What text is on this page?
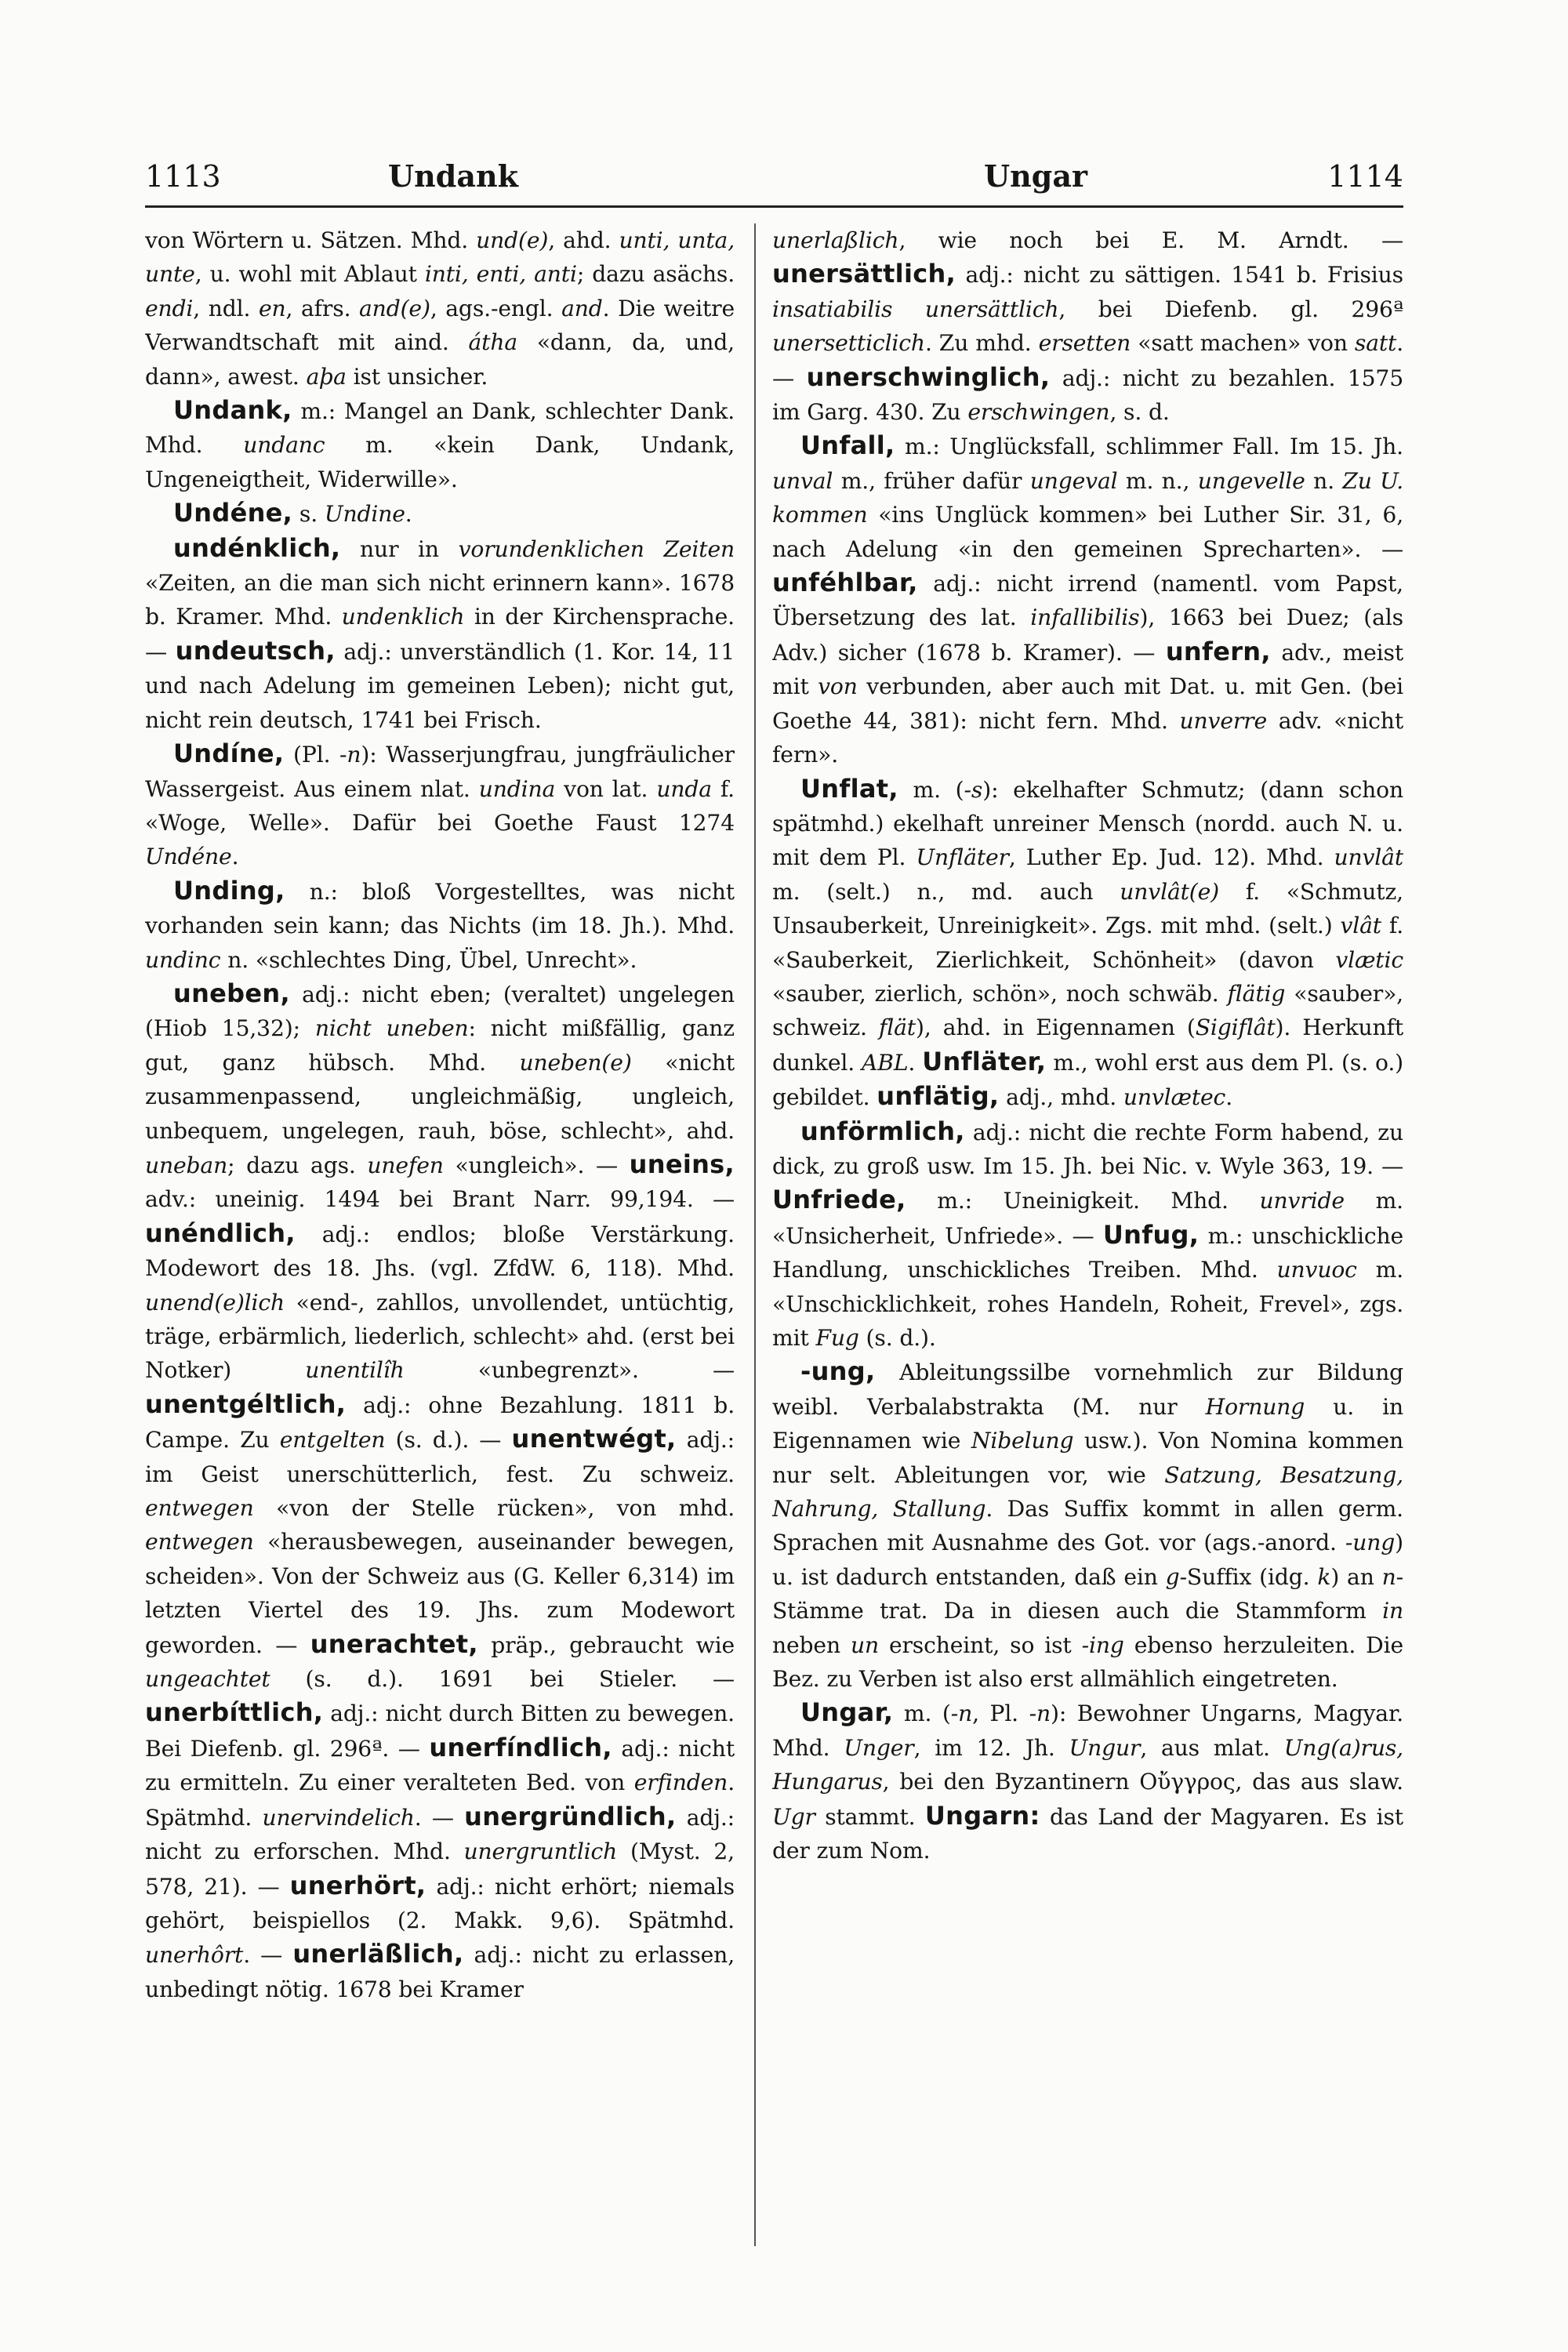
1113	Undank	Ungar	1114

von Wörtern u. Sätzen. Mhd. und(e), ahd. unti, unta, unte, u. wohl mit Ablaut inti, enti, anti; dazu asächs. endi, ndl. en, afrs. and(e), ags.-engl. and. Die weitre Verwandtschaft mit aind. átha «dann, da, und, dann», awest. aþa ist unsicher.

Undank, m.: Mangel an Dank, schlechter Dank. Mhd. undanc m. «kein Dank, Undank, Ungeneigtheit, Widerwille».

Undéne, s. Undine.

undénklich, nur in vorundenklichen Zeiten «Zeiten, an die man sich nicht erinnern kann». 1678 b. Kramer. Mhd. undenklich in der Kirchensprache. — undeutsch, adj.: unverständlich (1. Kor. 14, 11 und nach Adelung im gemeinen Leben); nicht gut, nicht rein deutsch, 1741 bei Frisch.

Undíne, (Pl. -n): Wasserjungfrau, jungfräulicher Wassergeist. Aus einem nlat. undina von lat. unda f. «Woge, Welle». Dafür bei Goethe Faust 1274 Undéne.

Unding, n.: bloß Vorgestelltes, was nicht vorhanden sein kann; das Nichts (im 18. Jh.). Mhd. undinc n. «schlechtes Ding, Übel, Unrecht».

uneben, adj.: nicht eben; (veraltet) ungelegen (Hiob 15,32); nicht uneben: nicht mißfällig, ganz gut, ganz hübsch. Mhd. uneben(e) «nicht zusammenpassend, ungleichmäßig, ungleich, unbequem, ungelegen, rauh, böse, schlecht», ahd. uneban; dazu ags. unefen «ungleich». — uneins, adv.: uneinig. 1494 bei Brant Narr. 99,194. — unéndlich, adj.: endlos; bloße Verstärkung. Modewort des 18. Jhs. (vgl. ZfdW. 6, 118). Mhd. unend(e)lich «end-, zahllos, unvollendet, untüchtig, träge, erbärmlich, liederlich, schlecht» ahd. (erst bei Notker) unentilîh «unbegrenzt». — unentgéltlich, adj.: ohne Bezahlung. 1811 b. Campe. Zu entgelten (s. d.). — unentwégt, adj.: im Geist unerschütterlich, fest. Zu schweiz. entwegen «von der Stelle rücken», von mhd. entwegen «herausbewegen, auseinander bewegen, scheiden». Von der Schweiz aus (G. Keller 6,314) im letzten Viertel des 19. Jhs. zum Modewort geworden. — unerachtet, präp., gebraucht wie ungeachtet (s. d.). 1691 bei Stieler. — unerbíttlich, adj.: nicht durch Bitten zu bewegen. Bei Diefenb. gl. 296ª. — unerfíndlich, adj.: nicht zu ermitteln. Zu einer veralteten Bed. von erfinden. Spätmhd. unervindelich. — unergründlich, adj.: nicht zu erforschen. Mhd. unergruntlich (Myst. 2, 578, 21). — unerhört, adj.: nicht erhört; niemals gehört, beispiellos (2. Makk. 9,6). Spätmhd. unerhôrt. — unerläßlich, adj.: nicht zu erlassen, unbedingt nötig. 1678 bei Kramer

unerlaßlich, wie noch bei E. M. Arndt. — unersättlich, adj.: nicht zu sättigen. 1541 b. Frisius insatiabilis unersättlich, bei Diefenb. gl. 296ª unersetticlich. Zu mhd. ersetten «satt machen» von satt. — unerschwinglich, adj.: nicht zu bezahlen. 1575 im Garg. 430. Zu erschwingen, s. d.

Unfall, m.: Unglücksfall, schlimmer Fall. Im 15. Jh. unval m., früher dafür ungeval m. n., ungevelle n. Zu U. kommen «ins Unglück kommen» bei Luther Sir. 31, 6, nach Adelung «in den gemeinen Sprecharten». — unféhlbar, adj.: nicht irrend (namentl. vom Papst, Übersetzung des lat. infallibilis), 1663 bei Duez; (als Adv.) sicher (1678 b. Kramer). — unfern, adv., meist mit von verbunden, aber auch mit Dat. u. mit Gen. (bei Goethe 44, 381): nicht fern. Mhd. unverre adv. «nicht fern».

Unflat, m. (-s): ekelhafter Schmutz; (dann schon spätmhd.) ekelhaft unreiner Mensch (nordd. auch N. u. mit dem Pl. Unfläter, Luther Ep. Jud. 12). Mhd. unvlât m. (selt.) n., md. auch unvlât(e) f. «Schmutz, Unsauberkeit, Unreinigkeit». Zgs. mit mhd. (selt.) vlât f. «Sauberkeit, Zierlichkeit, Schönheit» (davon vlætic «sauber, zierlich, schön», noch schwäb. flätig «sauber», schweiz. flät), ahd. in Eigennamen (Sigiflât). Herkunft dunkel. ABL. Unfläter, m., wohl erst aus dem Pl. (s. o.) gebildet. unflätig, adj., mhd. unvlætec.

unförmlich, adj.: nicht die rechte Form habend, zu dick, zu groß usw. Im 15. Jh. bei Nic. v. Wyle 363, 19. — Unfriede, m.: Uneinigkeit. Mhd. unvride m. «Unsicherheit, Unfriede». — Unfug, m.: unschickliche Handlung, unschickliches Treiben. Mhd. unvuoc m. «Unschicklichkeit, rohes Handeln, Roheit, Frevel», zgs. mit Fug (s. d.).

-ung, Ableitungssilbe vornehmlich zur Bildung weibl. Verbalabstrakta (M. nur Hornung u. in Eigennamen wie Nibelung usw.). Von Nomina kommen nur selt. Ableitungen vor, wie Satzung, Besatzung, Nahrung, Stallung. Das Suffix kommt in allen germ. Sprachen mit Ausnahme des Got. vor (ags.-anord. -ung) u. ist dadurch entstanden, daß ein g-Suffix (idg. k) an n-Stämme trat. Da in diesen auch die Stammform in neben un erscheint, so ist -ing ebenso herzuleiten. Die Bez. zu Verben ist also erst allmählich eingetreten.

Ungar, m. (-n, Pl. -n): Bewohner Ungarns, Magyar. Mhd. Unger, im 12. Jh. Ungur, aus mlat. Ung(a)rus, Hungarus, bei den Byzantinern Οὔγγρος, das aus slaw. Ugr stammt. Ungarn: das Land der Magyaren. Es ist der zum Nom.
